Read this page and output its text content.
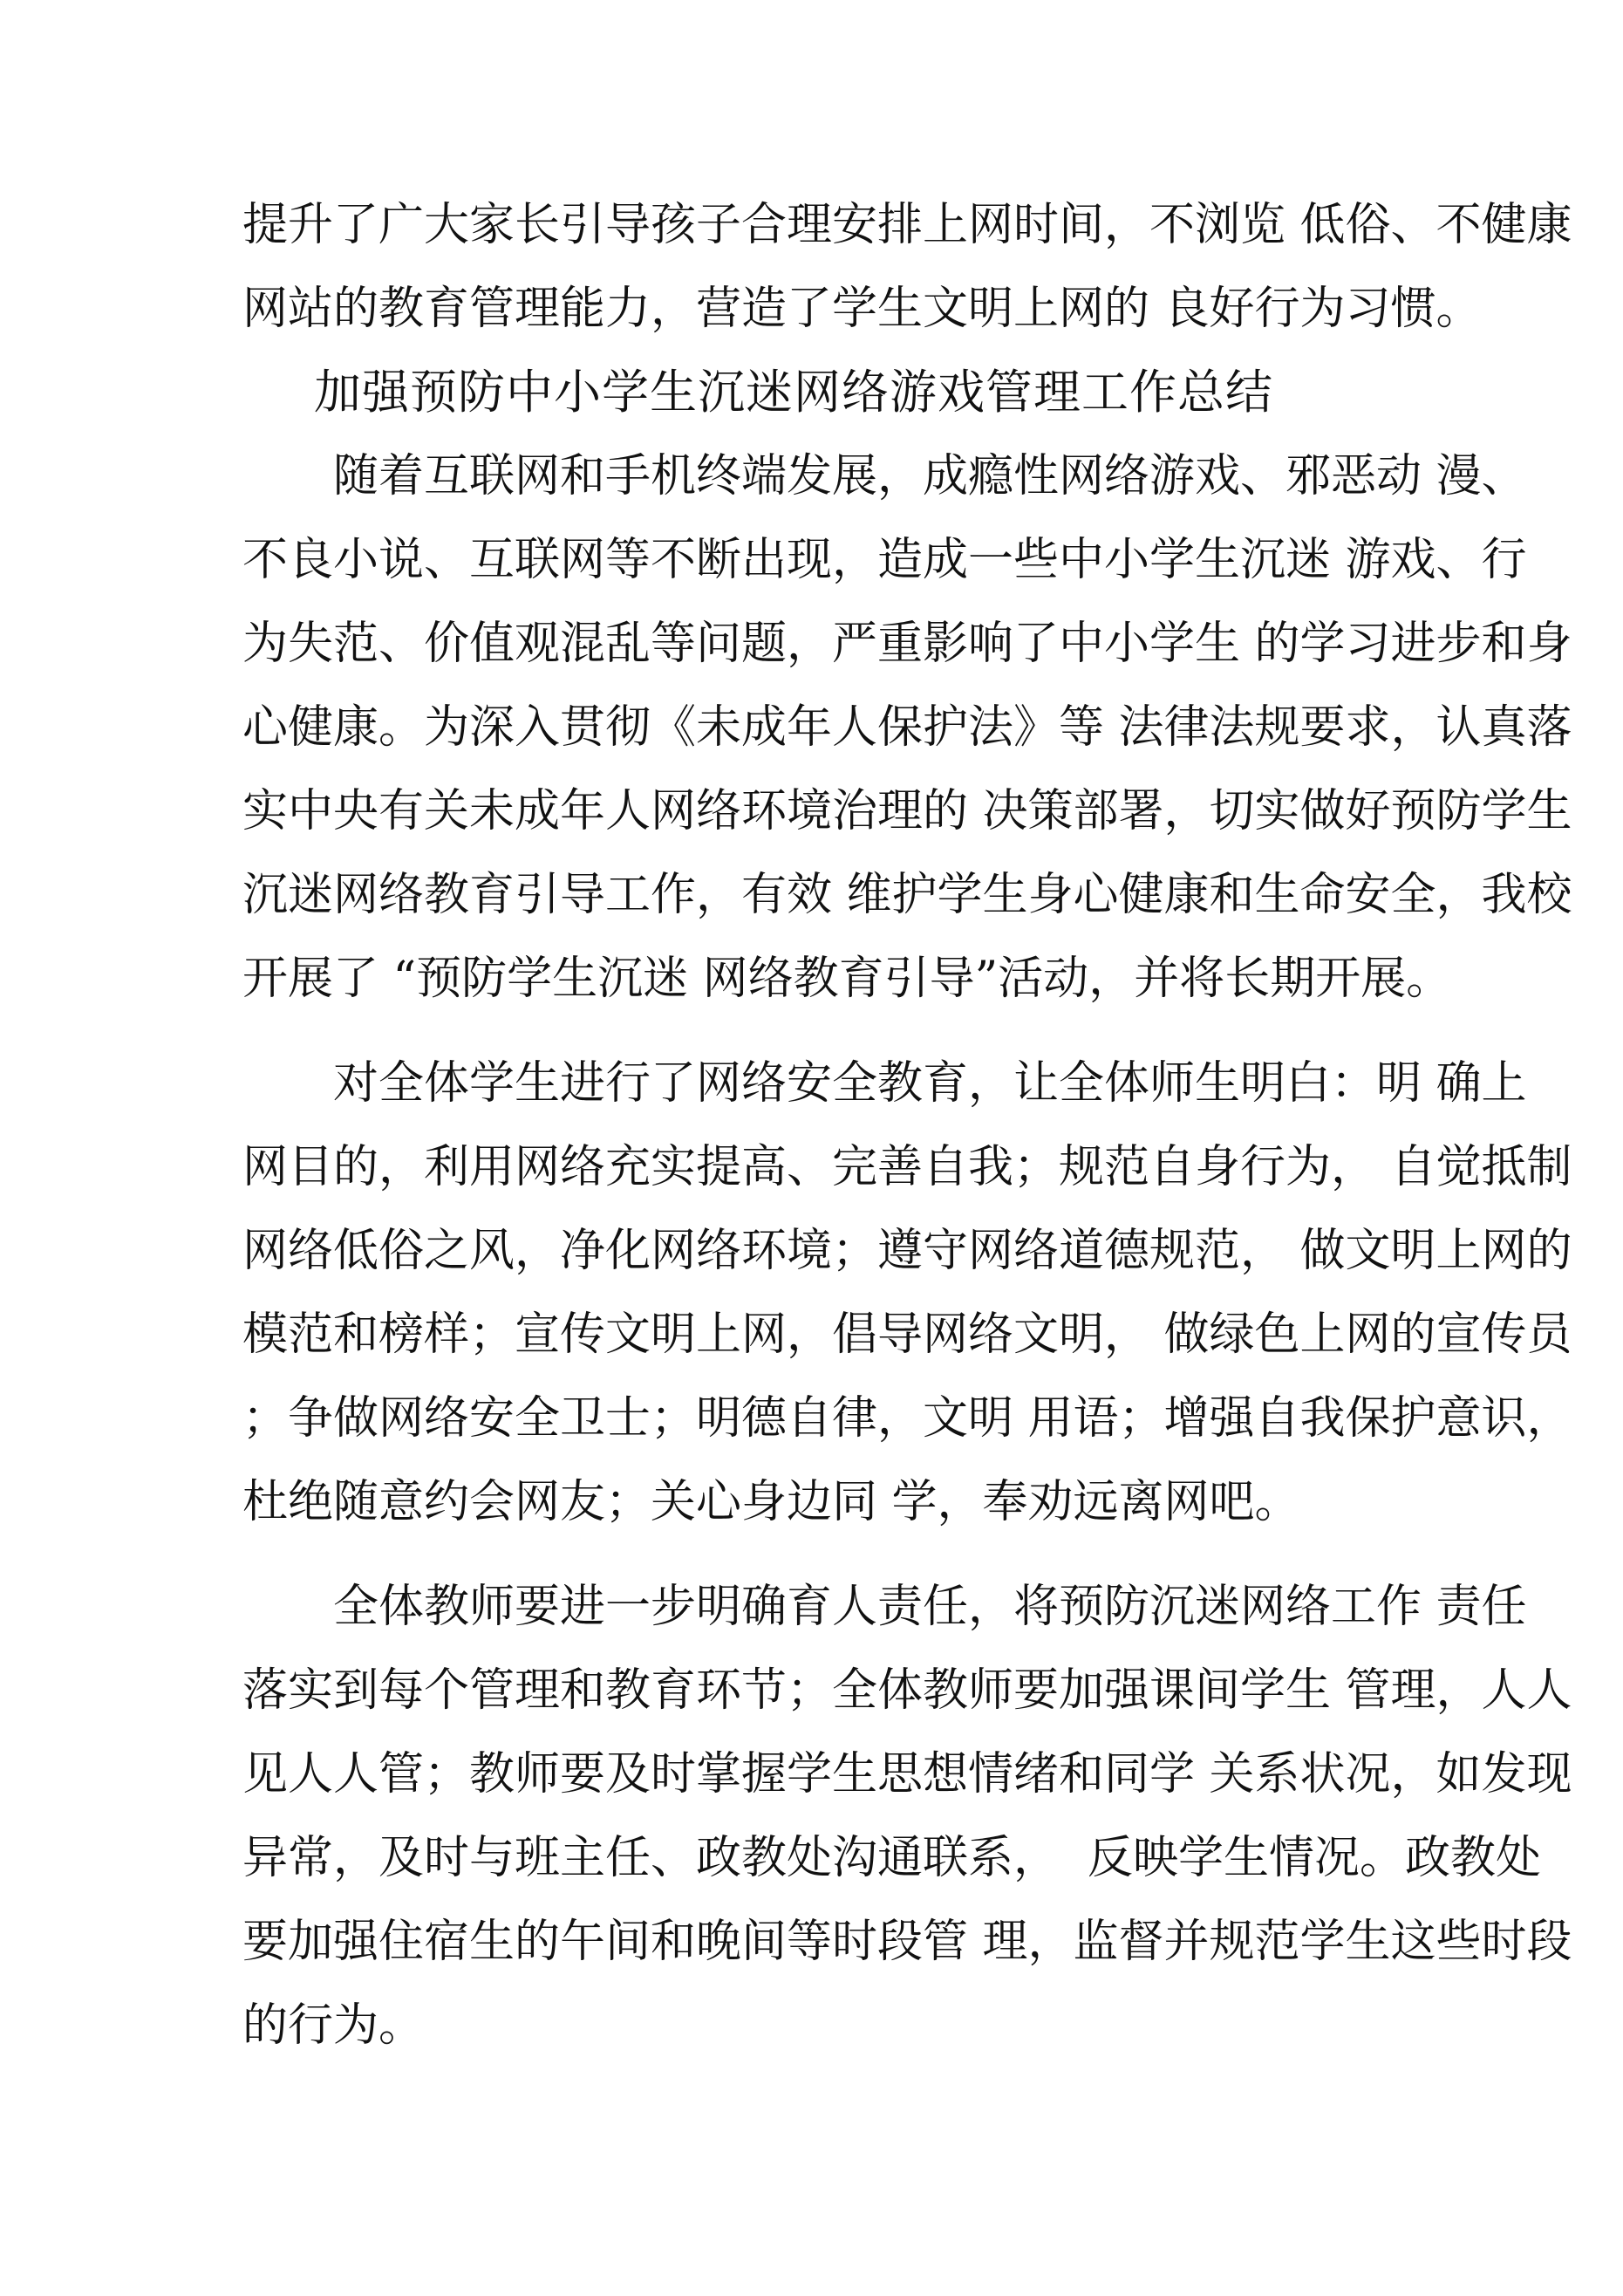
提升了广大家长引导孩子合理安排上网时间，不浏览 低俗、不健康
网站的教育管理能力，营造了学生文明上网的 良好行为习惯。
加强预防中小学生沉迷网络游戏管理工作总结
　　随着互联网和手机终端发展，成瘾性网络游戏、邪恶动 漫、
不良小说、互联网等不断出现，造成一些中小学生沉迷 游戏、行
为失范、价值观混乱等问题，严重影响了中小学生 的学习进步和身
心健康。为深入贯彻《未成年人保护法》等 法律法规要求，认真落
实中央有关未成年人网络环境治理的 决策部署，切实做好预防学生
沉迷网络教育引导工作，有效 维护学生身心健康和生命安全，我校
开展了 “预防学生沉迷 网络教育引导”活动，并将长期开展。
　　对全体学生进行了网络安全教育，让全体师生明白：明 确上
网目的，利用网络充实提高、完善自我；规范自身行为， 自觉抵制
网络低俗之风，净化网络环境；遵守网络道德规范， 做文明上网的
模范和榜样；宣传文明上网，倡导网络文明， 做绿色上网的宣传员
；争做网络安全卫士；明德自律，文明 用语；增强自我保护意识，
杜绝随意约会网友；关心身边同 学，奉劝远离网吧。
　　全体教师要进一步明确育人责任，将预防沉迷网络工作 责任
落实到每个管理和教育环节；全体教师要加强课间学生 管理，人人
见人人管；教师要及时掌握学生思想情绪和同学 关系状况，如发现
异常，及时与班主任、政教处沟通联系，  反映学生情况。政教处
要加强住宿生的午间和晚间等时段管 理，监督并规范学生这些时段
的行为。
